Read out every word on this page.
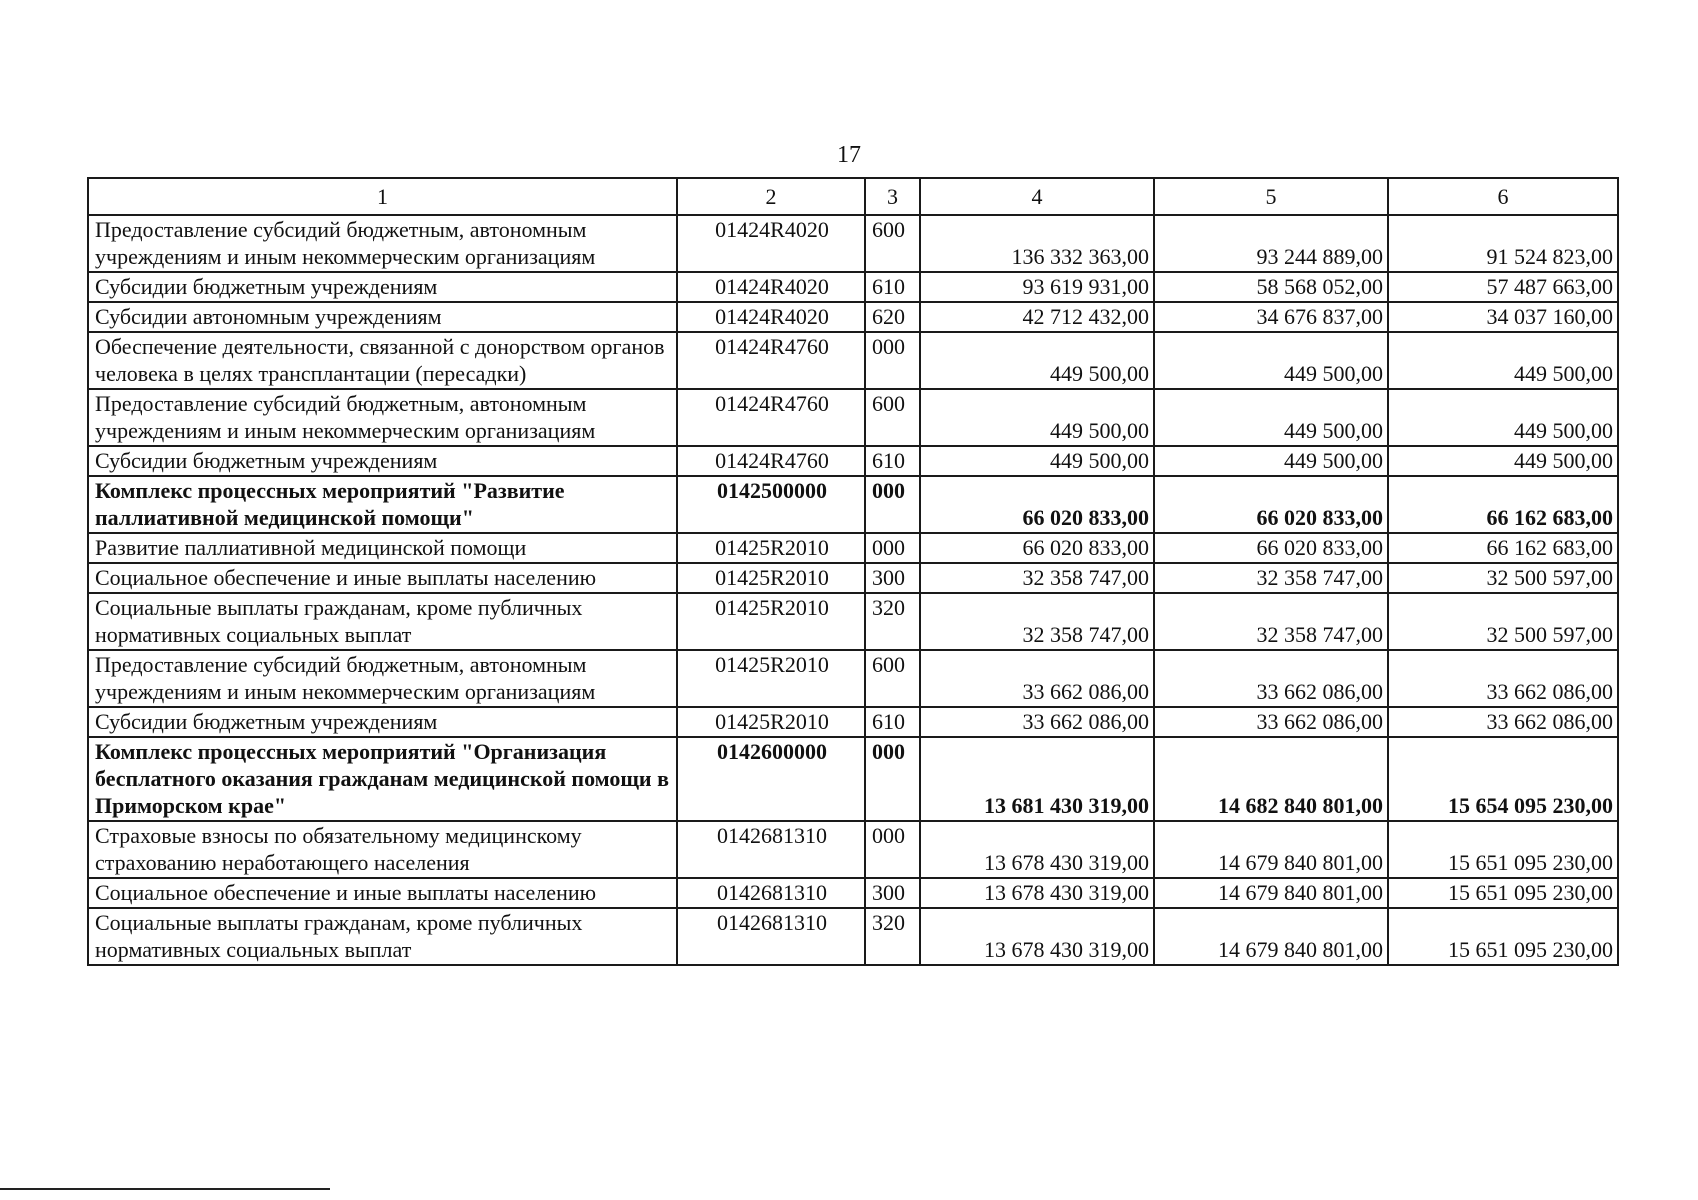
17
1	2	3	4	5	6
Предоставление субсидий бюджетным, автономным учреждениям и иным некоммерческим организациям	01424R4020	600	136 332 363,00	93 244 889,00	91 524 823,00
Субсидии бюджетным учреждениям	01424R4020	610	93 619 931,00	58 568 052,00	57 487 663,00
Субсидии автономным учреждениям	01424R4020	620	42 712 432,00	34 676 837,00	34 037 160,00
Обеспечение деятельности, связанной с донорством органов человека в целях трансплантации (пересадки)	01424R4760	000	449 500,00	449 500,00	449 500,00
Предоставление субсидий бюджетным, автономным учреждениям и иным некоммерческим организациям	01424R4760	600	449 500,00	449 500,00	449 500,00
Субсидии бюджетным учреждениям	01424R4760	610	449 500,00	449 500,00	449 500,00
Комплекс процессных мероприятий "Развитие паллиативной медицинской помощи"	0142500000	000	66 020 833,00	66 020 833,00	66 162 683,00
Развитие паллиативной медицинской помощи	01425R2010	000	66 020 833,00	66 020 833,00	66 162 683,00
Социальное обеспечение и иные выплаты населению	01425R2010	300	32 358 747,00	32 358 747,00	32 500 597,00
Социальные выплаты гражданам, кроме публичных нормативных социальных выплат	01425R2010	320	32 358 747,00	32 358 747,00	32 500 597,00
Предоставление субсидий бюджетным, автономным учреждениям и иным некоммерческим организациям	01425R2010	600	33 662 086,00	33 662 086,00	33 662 086,00
Субсидии бюджетным учреждениям	01425R2010	610	33 662 086,00	33 662 086,00	33 662 086,00
Комплекс процессных мероприятий "Организация бесплатного оказания гражданам медицинской помощи в Приморском крае"	0142600000	000	13 681 430 319,00	14 682 840 801,00	15 654 095 230,00
Страховые взносы по обязательному медицинскому страхованию неработающего населения	0142681310	000	13 678 430 319,00	14 679 840 801,00	15 651 095 230,00
Социальное обеспечение и иные выплаты населению	0142681310	300	13 678 430 319,00	14 679 840 801,00	15 651 095 230,00
Социальные выплаты гражданам, кроме публичных нормативных социальных выплат	0142681310	320	13 678 430 319,00	14 679 840 801,00	15 651 095 230,00
